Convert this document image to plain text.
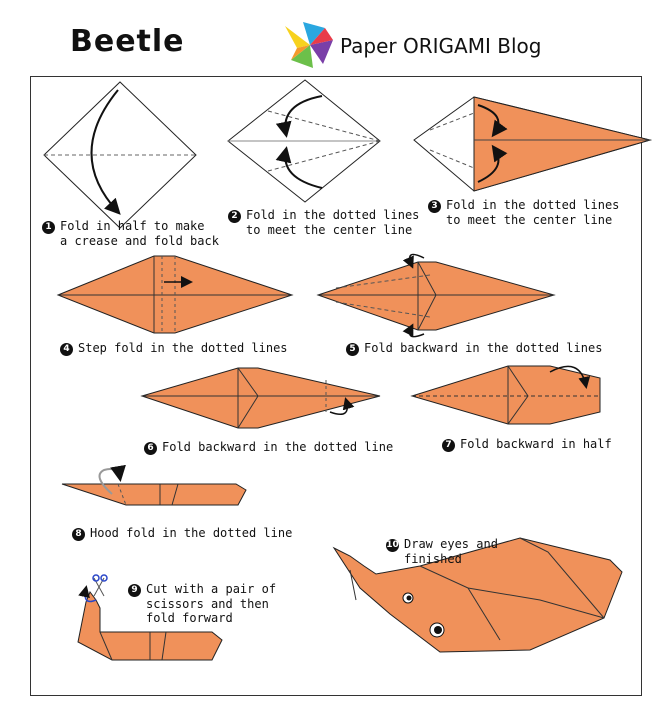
Beetle	Paper ORIGAMI Blog
1 Fold in half to make
a crease and fold back
2 Fold in the dotted lines
to meet the center line
3 Fold in the dotted lines
to meet the center line
4 Step fold in the dotted lines	5 Fold backward in the dotted lines
6 Fold backward in the dotted line	7 Fold backward in half
8 Hood fold in the dotted line
9 Cut with a pair of
scissors and then
fold forward
10 Draw eyes and
finished
